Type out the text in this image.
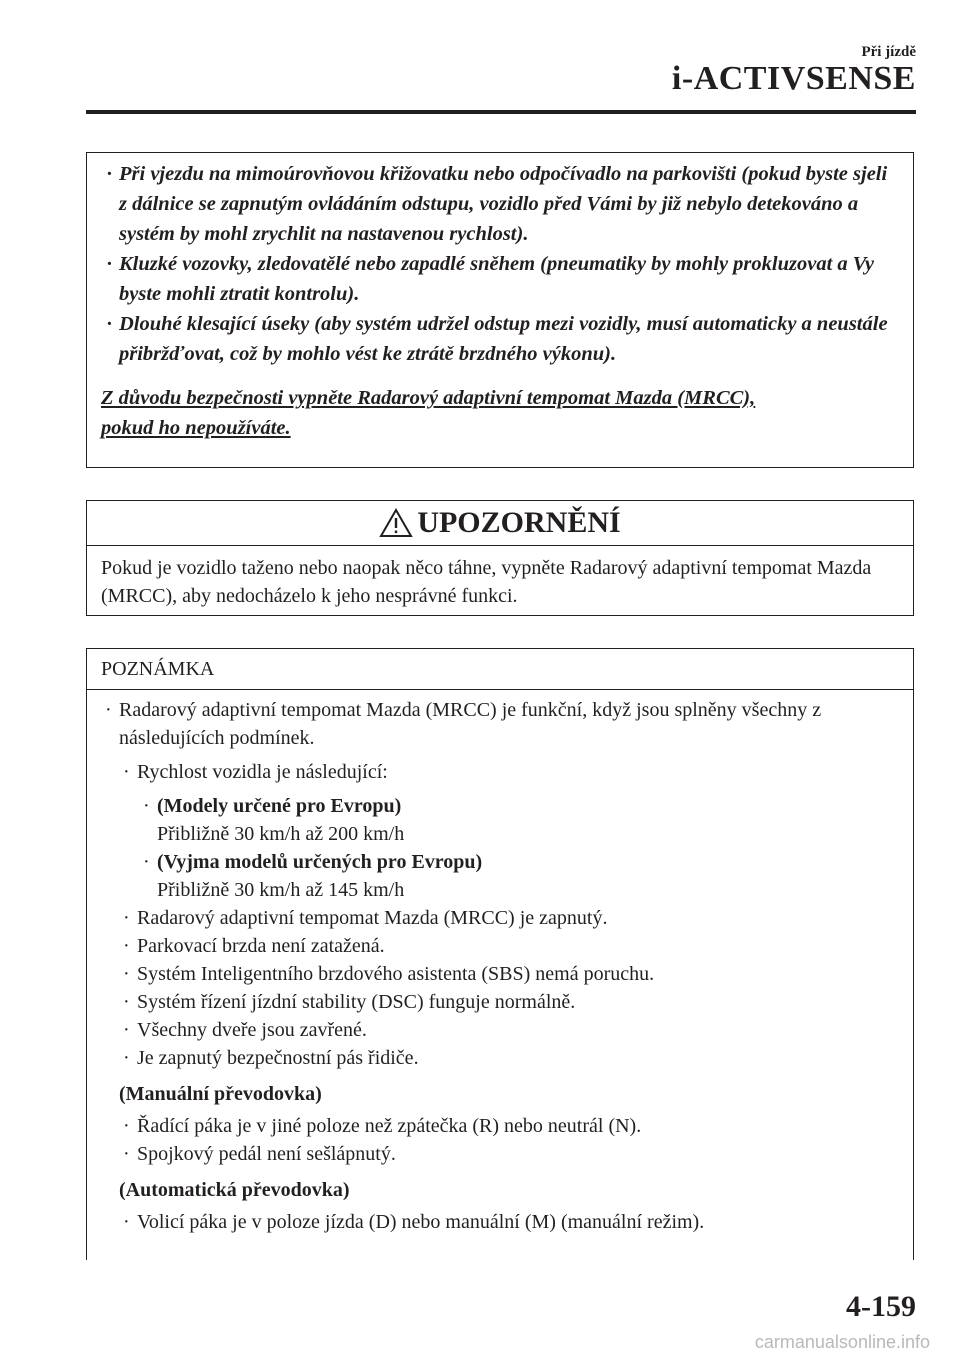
Při jízdě
i-ACTIVSENSE
· Při vjezdu na mimoúrovňovou křižovatku nebo odpočívadlo na parkovišti (pokud byste sjeli z dálnice se zapnutým ovládáním odstupu, vozidlo před Vámi by již nebylo detekováno a systém by mohl zrychlit na nastavenou rychlost).
· Kluzké vozovky, zledovatělé nebo zapadlé sněhem (pneumatiky by mohly prokluzovat a Vy byste mohli ztratit kontrolu).
· Dlouhé klesající úseky (aby systém udržel odstup mezi vozidly, musí automaticky a neustále přibržďovat, což by mohlo vést ke ztrátě brzdného výkonu).
Z důvodu bezpečnosti vypněte Radarový adaptivní tempomat Mazda (MRCC),
pokud ho nepoužíváte.
UPOZORNĚNÍ
Pokud je vozidlo taženo nebo naopak něco táhne, vypněte Radarový adaptivní tempomat Mazda (MRCC), aby nedocházelo k jeho nesprávné funkci.
POZNÁMKA
· Radarový adaptivní tempomat Mazda (MRCC) je funkční, když jsou splněny všechny z následujících podmínek.
· Rychlost vozidla je následující:
· (Modely určené pro Evropu)
Přibližně 30 km/h až 200 km/h
· (Vyjma modelů určených pro Evropu)
Přibližně 30 km/h až 145 km/h
· Radarový adaptivní tempomat Mazda (MRCC) je zapnutý.
· Parkovací brzda není zatažená.
· Systém Inteligentního brzdového asistenta (SBS) nemá poruchu.
· Systém řízení jízdní stability (DSC) funguje normálně.
· Všechny dveře jsou zavřené.
· Je zapnutý bezpečnostní pás řidiče.
(Manuální převodovka)
· Řadící páka je v jiné poloze než zpátečka (R) nebo neutrál (N).
· Spojkový pedál není sešlápnutý.
(Automatická převodovka)
· Volicí páka je v poloze jízda (D) nebo manuální (M) (manuální režim).
4-159
carmanualsonline.info
